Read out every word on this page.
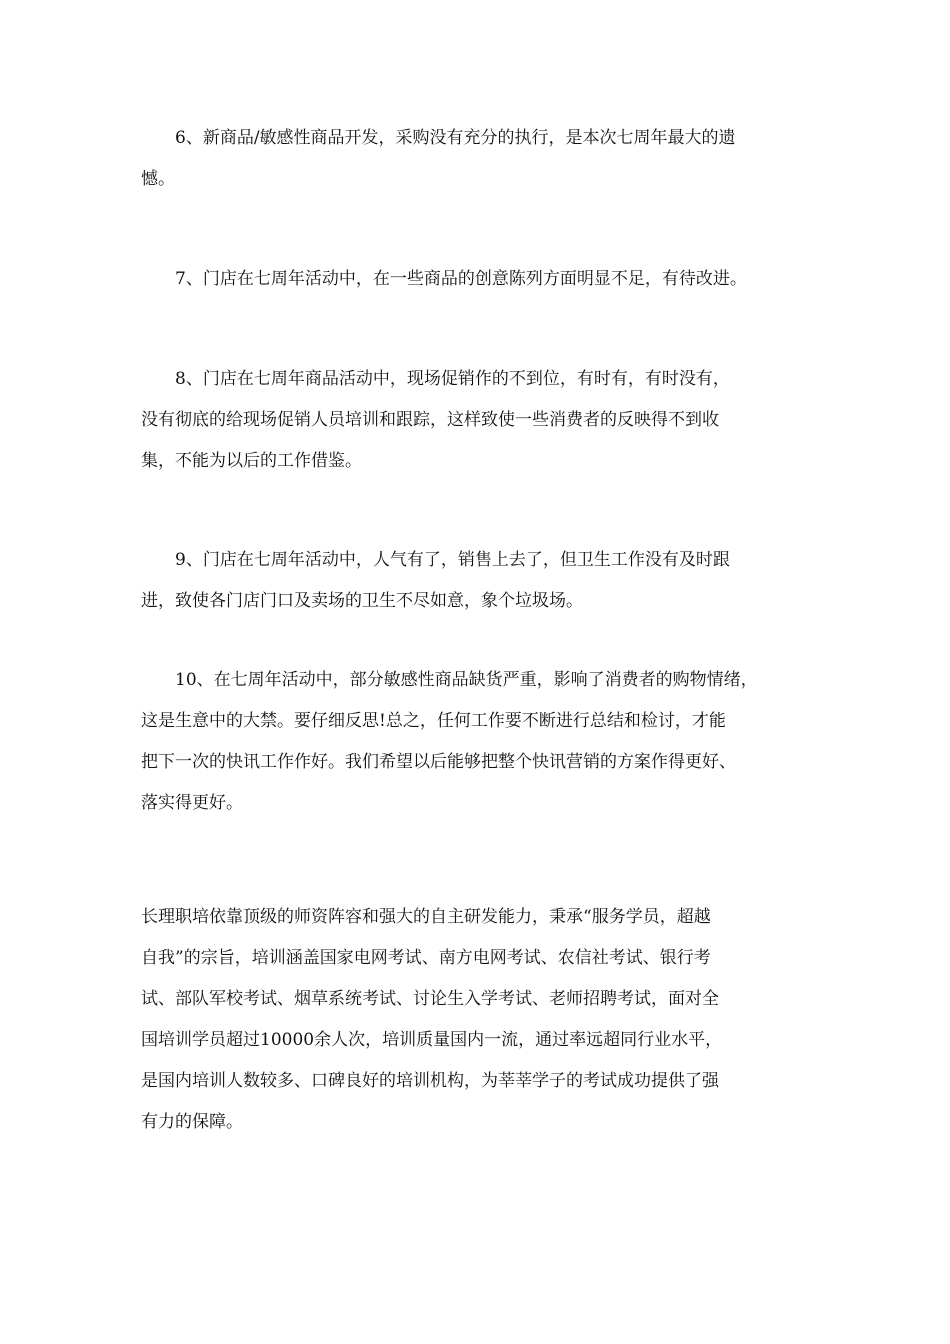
　　6、新商品/敏感性商品开发，采购没有充分的执行，是本次七周年最大的遗
憾。
　　7、门店在七周年活动中，在一些商品的创意陈列方面明显不足，有待改进。
　　8、门店在七周年商品活动中，现场促销作的不到位，有时有，有时没有，
没有彻底的给现场促销人员培训和跟踪，这样致使一些消费者的反映得不到收
集，不能为以后的工作借鉴。
　　9、门店在七周年活动中，人气有了，销售上去了，但卫生工作没有及时跟
进，致使各门店门口及卖场的卫生不尽如意，象个垃圾场。
　　10、在七周年活动中，部分敏感性商品缺货严重，影响了消费者的购物情绪，
这是生意中的大禁。要仔细反思!总之，任何工作要不断进行总结和检讨，才能
把下一次的快讯工作作好。我们希望以后能够把整个快讯营销的方案作得更好、
落实得更好。
长理职培依靠顶级的师资阵容和强大的自主研发能力，秉承“服务学员，超越
自我”的宗旨，培训涵盖国家电网考试、南方电网考试、农信社考试、银行考
试、部队军校考试、烟草系统考试、讨论生入学考试、老师招聘考试，面对全
国培训学员超过10000余人次，培训质量国内一流，通过率远超同行业水平，
是国内培训人数较多、口碑良好的培训机构，为莘莘学子的考试成功提供了强
有力的保障。
